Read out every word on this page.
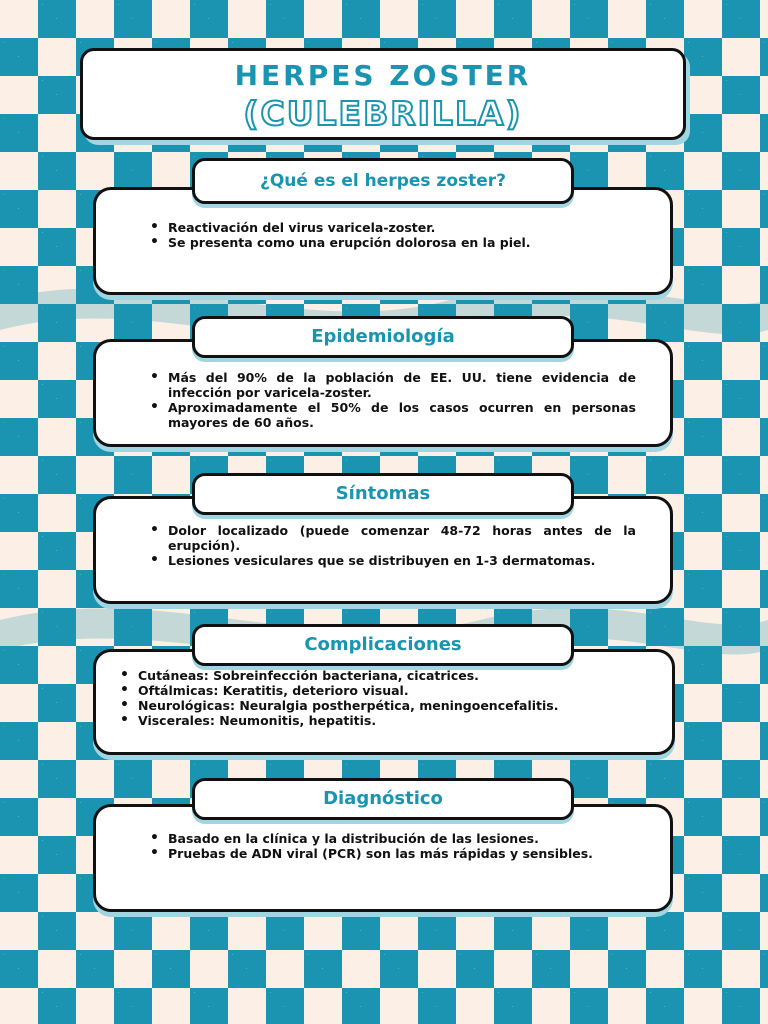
HERPES ZOSTER
(CULEBRILLA)
• Reactivación del virus varicela-zoster.
• Se presenta como una erupción dolorosa en la piel.
¿Qué es el herpes zoster?
• Más del 90% de la población de EE. UU. tiene evidencia de infección por varicela-zoster.
• Aproximadamente el 50% de los casos ocurren en personas mayores de 60 años.
Epidemiología
• Dolor localizado (puede comenzar 48-72 horas antes de la erupción).
• Lesiones vesiculares que se distribuyen en 1-3 dermatomas.
Síntomas
• Cutáneas: Sobreinfección bacteriana, cicatrices.
• Oftálmicas: Keratitis, deterioro visual.
• Neurológicas: Neuralgia postherpética, meningoencefalitis.
• Viscerales: Neumonitis, hepatitis.
Complicaciones
• Basado en la clínica y la distribución de las lesiones.
• Pruebas de ADN viral (PCR) son las más rápidas y sensibles.
Diagnóstico
